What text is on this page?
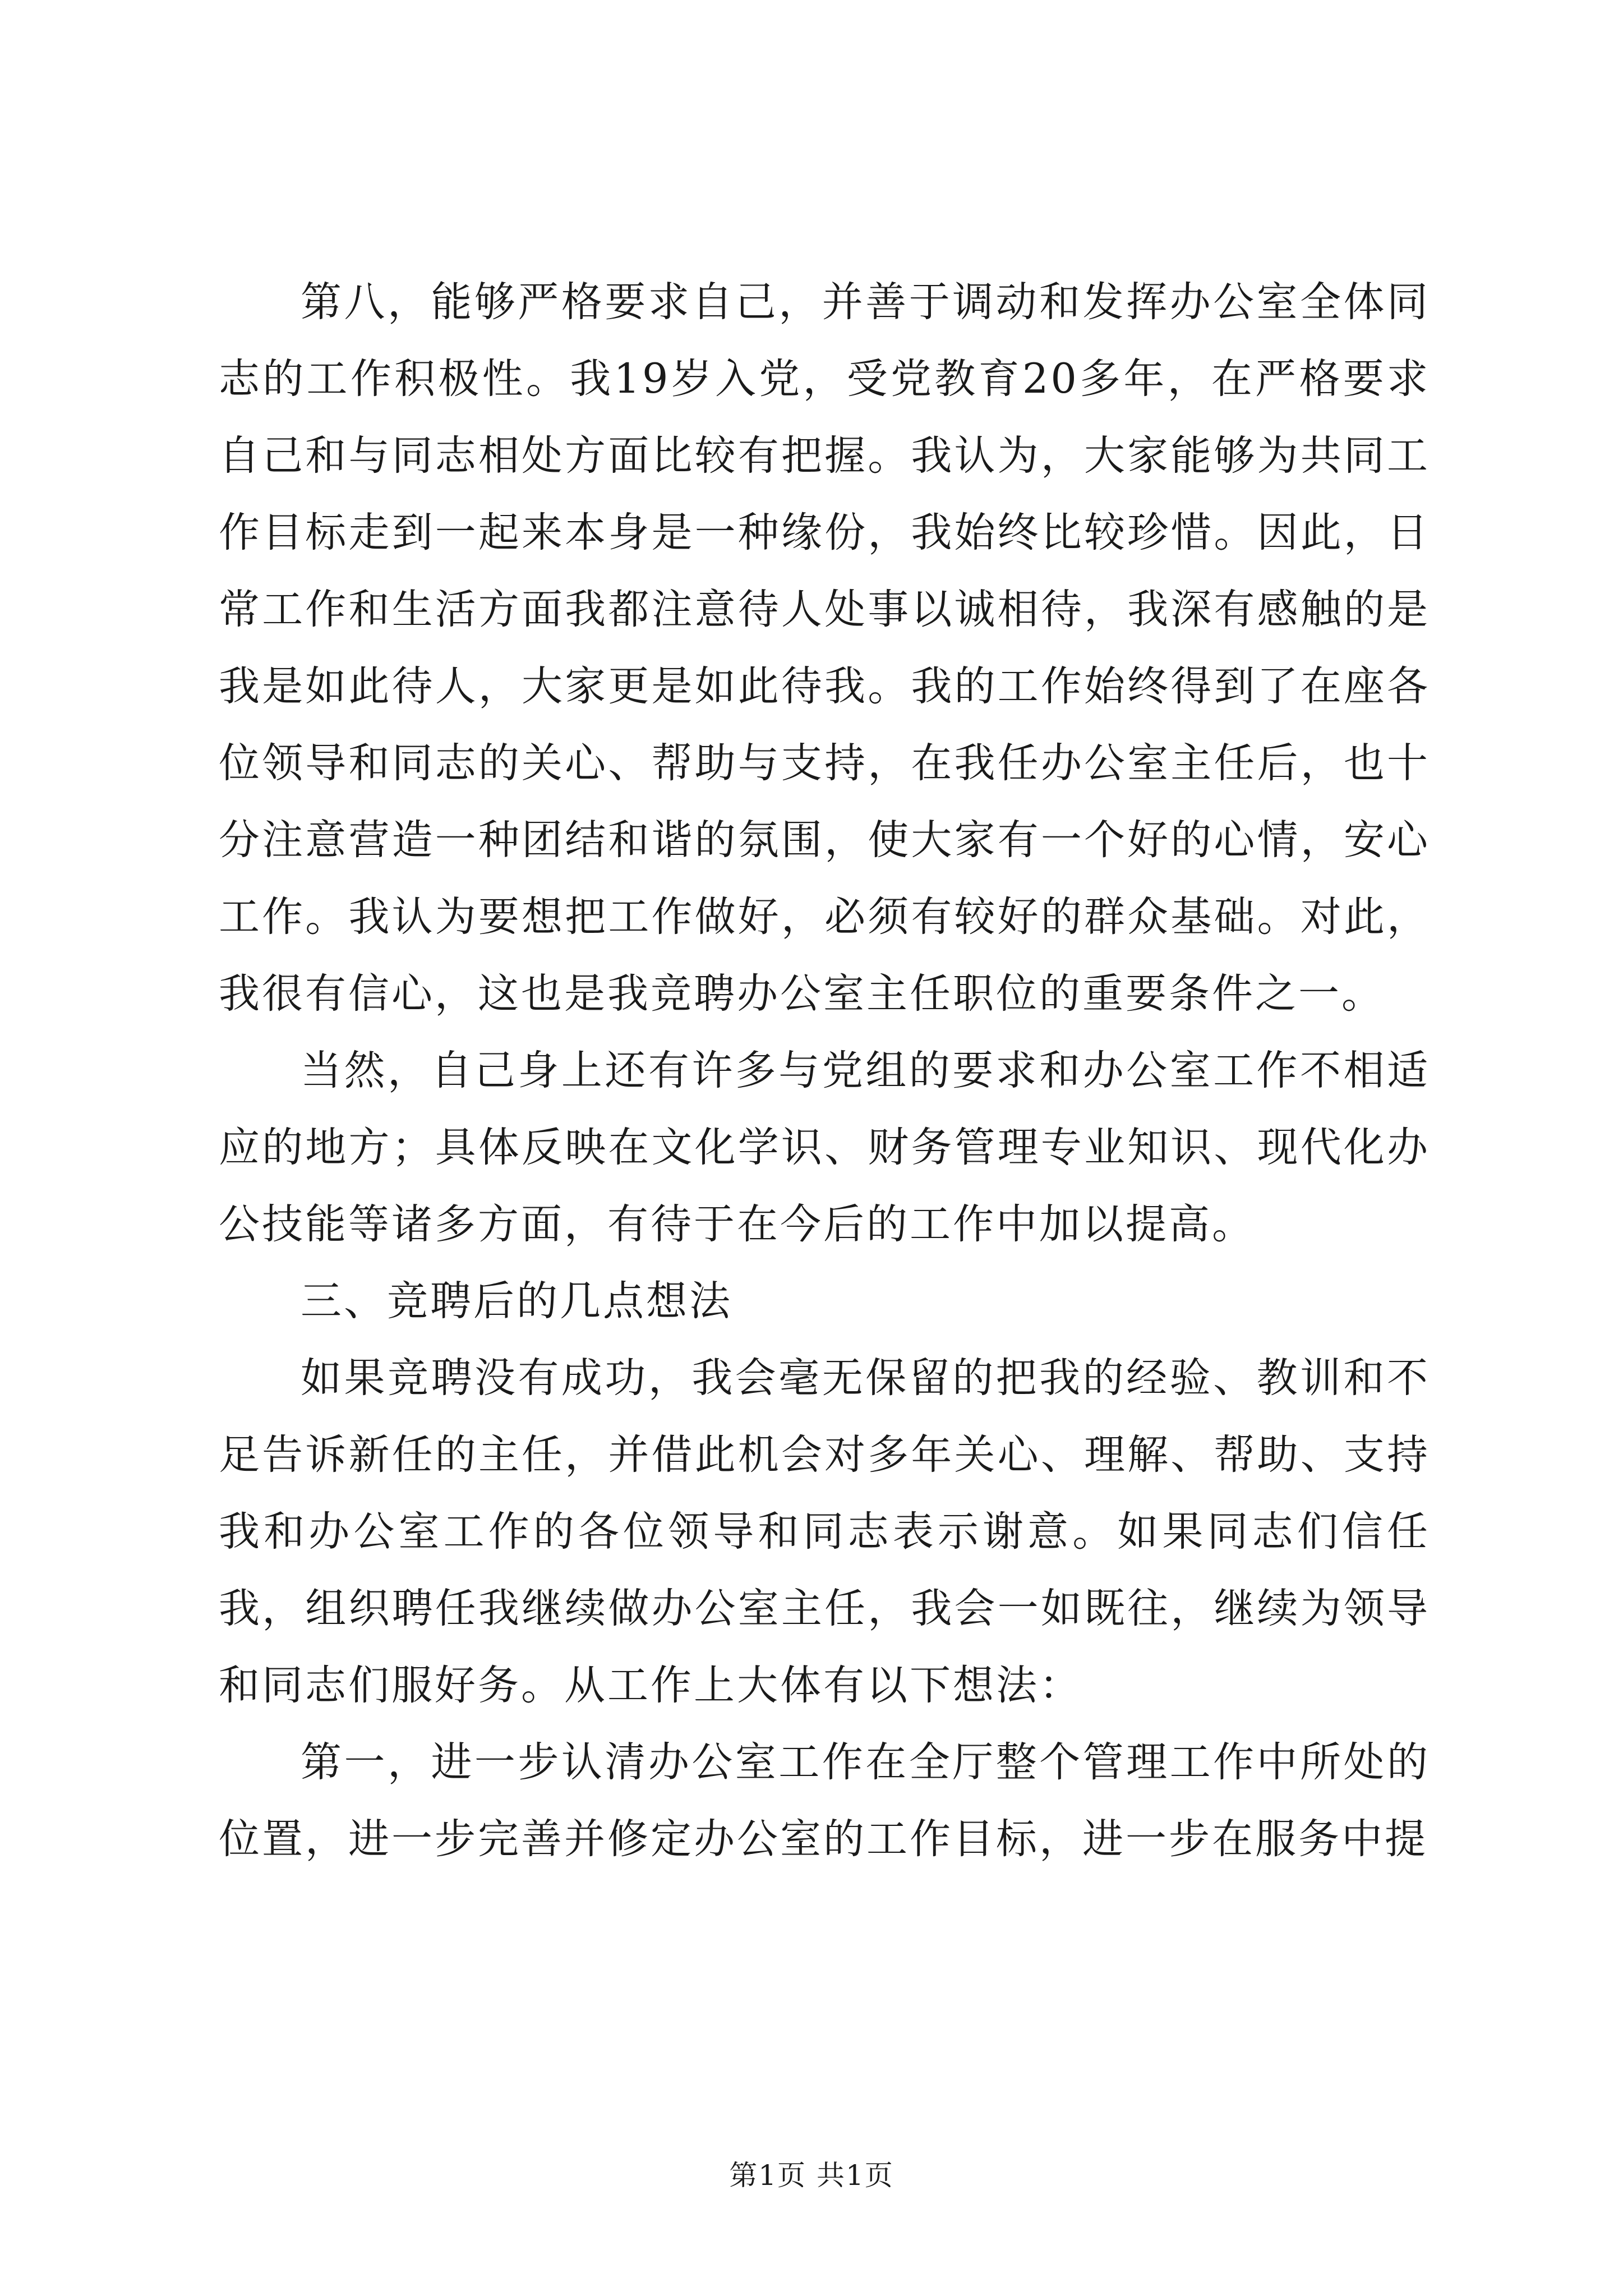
第八，能够严格要求自己，并善于调动和发挥办公室全体同志的工作积极性。我19岁入党，受党教育20多年，在严格要求自己和与同志相处方面比较有把握。我认为，大家能够为共同工作目标走到一起来本身是一种缘份，我始终比较珍惜。因此，日常工作和生活方面我都注意待人处事以诚相待，我深有感触的是我是如此待人，大家更是如此待我。我的工作始终得到了在座各位领导和同志的关心、帮助与支持，在我任办公室主任后，也十分注意营造一种团结和谐的氛围，使大家有一个好的心情，安心工作。我认为要想把工作做好，必须有较好的群众基础。对此，我很有信心，这也是我竞聘办公室主任职位的重要条件之一。

当然，自己身上还有许多与党组的要求和办公室工作不相适应的地方；具体反映在文化学识、财务管理专业知识、现代化办公技能等诸多方面，有待于在今后的工作中加以提高。

三、竞聘后的几点想法

如果竞聘没有成功，我会毫无保留的把我的经验、教训和不足告诉新任的主任，并借此机会对多年关心、理解、帮助、支持我和办公室工作的各位领导和同志表示谢意。如果同志们信任我，组织聘任我继续做办公室主任，我会一如既往，继续为领导和同志们服好务。从工作上大体有以下想法：

第一，进一步认清办公室工作在全厅整个管理工作中所处的位置，进一步完善并修定办公室的工作目标，进一步在服务中提

第1页 共1页
